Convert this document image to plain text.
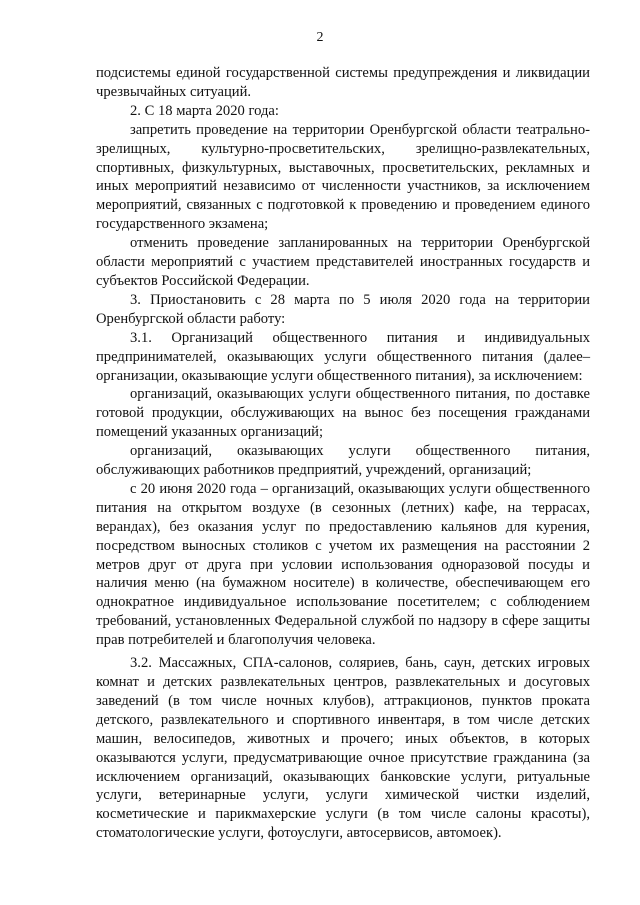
2

подсистемы единой государственной системы предупреждения и ликвидации чрезвычайных ситуаций.

2. С 18 марта 2020 года:

запретить проведение на территории Оренбургской области театрально-зрелищных, культурно-просветительских, зрелищно-развлекательных, спортивных, физкультурных, выставочных, просветительских, рекламных и иных мероприятий независимо от численности участников, за исключением мероприятий, связанных с подготовкой к проведению и проведением единого государственного экзамена;

отменить проведение запланированных на территории Оренбургской области мероприятий с участием представителей иностранных государств и субъектов Российской Федерации.

3. Приостановить с 28 марта по 5 июля 2020 года на территории Оренбургской области работу:

3.1. Организаций общественного питания и индивидуальных предпринимателей, оказывающих услуги общественного питания (далее– организации, оказывающие услуги общественного питания), за исключением:

организаций, оказывающих услуги общественного питания, по доставке готовой продукции, обслуживающих на вынос без посещения гражданами помещений указанных организаций;

организаций, оказывающих услуги общественного питания, обслуживающих работников предприятий, учреждений, организаций;

с 20 июня 2020 года – организаций, оказывающих услуги общественного питания на открытом воздухе (в сезонных (летних) кафе, на террасах, верандах), без оказания услуг по предоставлению кальянов для курения, посредством выносных столиков с учетом их размещения на расстоянии 2 метров друг от друга при условии использования одноразовой посуды и наличия меню (на бумажном носителе) в количестве, обеспечивающем его однократное индивидуальное использование посетителем; с соблюдением требований, установленных Федеральной службой по надзору в сфере защиты прав потребителей и благополучия человека.

3.2. Массажных, СПА-салонов, соляриев, бань, саун, детских игровых комнат и детских развлекательных центров, развлекательных и досуговых заведений (в том числе ночных клубов), аттракционов, пунктов проката детского, развлекательного и спортивного инвентаря, в том числе детских машин, велосипедов, животных и прочего; иных объектов, в которых оказываются услуги, предусматривающие очное присутствие гражданина (за исключением организаций, оказывающих банковские услуги, ритуальные услуги, ветеринарные услуги, услуги химической чистки изделий, косметические и парикмахерские услуги (в том числе салоны красоты), стоматологические услуги, фотоуслуги, автосервисов, автомоек).
